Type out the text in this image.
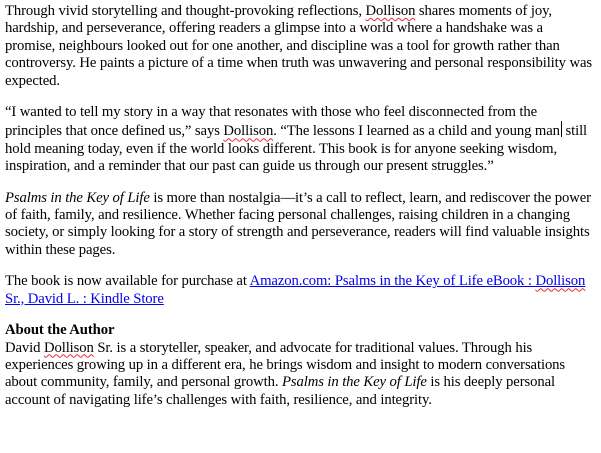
Through vivid storytelling and thought-provoking reflections, Dollison shares moments of joy, hardship, and perseverance, offering readers a glimpse into a world where a handshake was a promise, neighbours looked out for one another, and discipline was a tool for growth rather than controversy. He paints a picture of a time when truth was unwavering and personal responsibility was expected.

“I wanted to tell my story in a way that resonates with those who feel disconnected from the principles that once defined us,” says Dollison. “The lessons I learned as a child and young man still hold meaning today, even if the world looks different. This book is for anyone seeking wisdom, inspiration, and a reminder that our past can guide us through our present struggles.”

Psalms in the Key of Life is more than nostalgia—it’s a call to reflect, learn, and rediscover the power of faith, family, and resilience. Whether facing personal challenges, raising children in a changing society, or simply looking for a story of strength and perseverance, readers will find valuable insights within these pages.

The book is now available for purchase at Amazon.com: Psalms in the Key of Life eBook : Dollison Sr., David L. : Kindle Store

About the Author

David Dollison Sr. is a storyteller, speaker, and advocate for traditional values. Through his experiences growing up in a different era, he brings wisdom and insight to modern conversations about community, family, and personal growth. Psalms in the Key of Life is his deeply personal account of navigating life’s challenges with faith, resilience, and integrity.
